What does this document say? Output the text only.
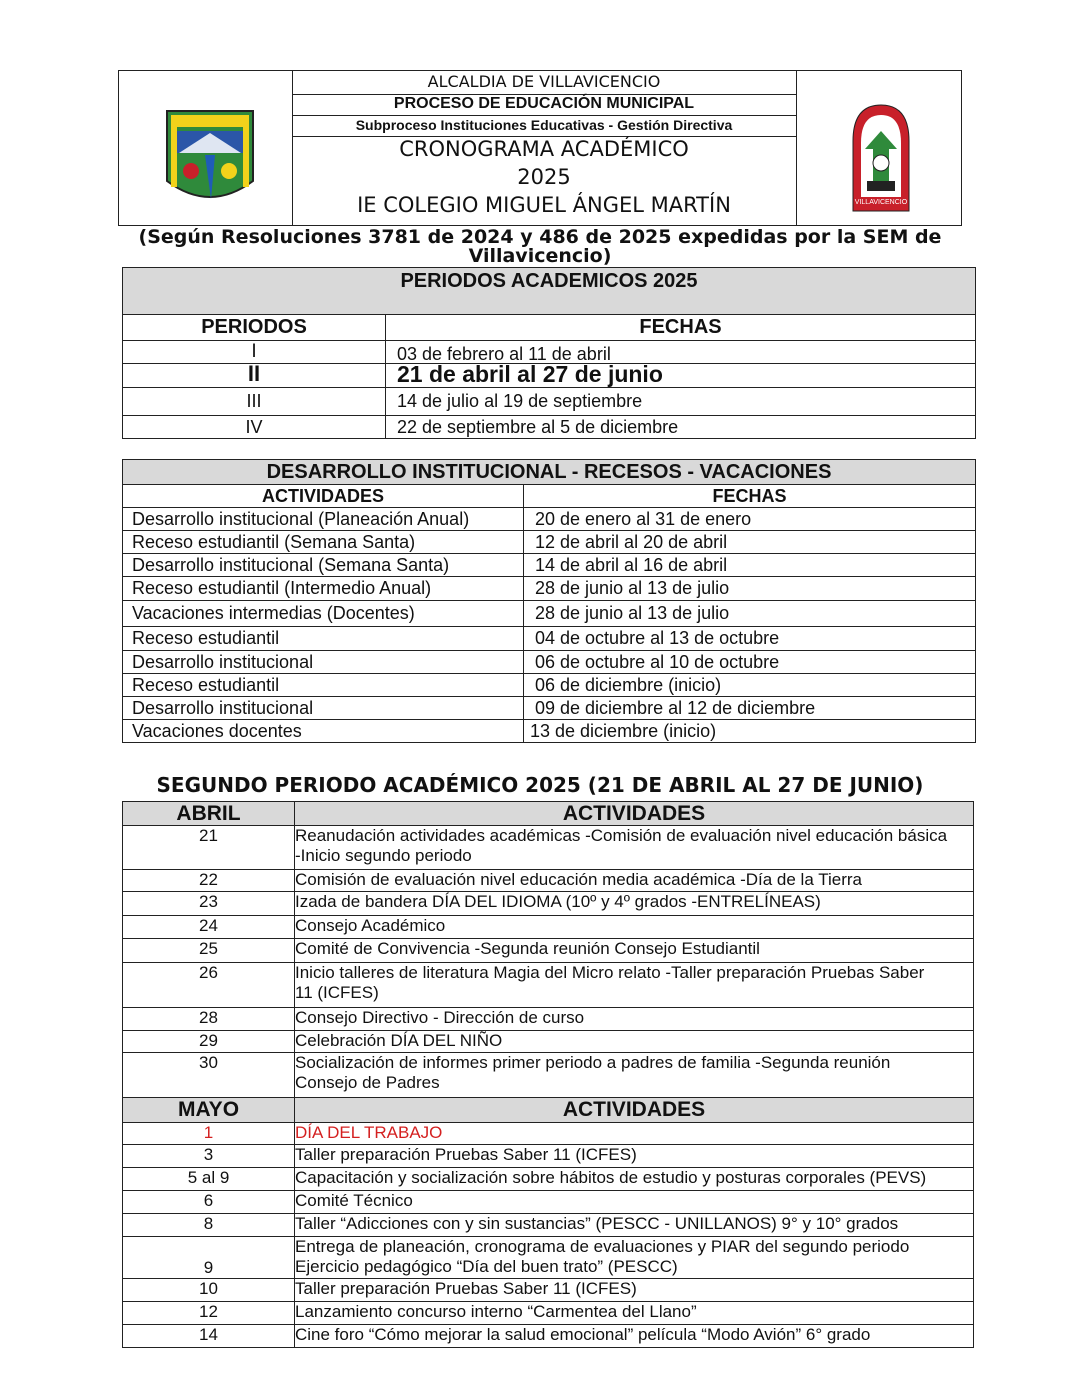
ALCALDIA DE VILLAVICENCIO
PROCESO DE EDUCACIÓN MUNICIPAL
Subproceso Instituciones Educativas - Gestión Directiva
CRONOGRAMA ACADÉMICO
2025
IE COLEGIO MIGUEL ÁNGEL MARTÍN	VILLAVICENCIO
(Según Resoluciones 3781 de 2024 y 486 de 2025 expedidas por la SEM de
Villavicencio)
PERIODOS ACADEMICOS 2025	
PERIODOS	FECHAS
I	03 de febrero al 11 de abril
II	21 de abril al 27 de junio
III	14 de julio al 19 de septiembre
IV	22 de septiembre al 5 de diciembre
DESARROLLO INSTITUCIONAL - RECESOS - VACACIONES	
ACTIVIDADES	FECHAS
Desarrollo institucional (Planeación Anual)	20 de enero al 31 de enero
Receso estudiantil (Semana Santa)	12 de abril al 20 de abril
Desarrollo institucional (Semana Santa)	14 de abril al 16 de abril
Receso estudiantil (Intermedio Anual)	28 de junio al 13 de julio
Vacaciones intermedias (Docentes)	28 de junio al 13 de julio
Receso estudiantil	04 de octubre al 13 de octubre
Desarrollo institucional	06 de octubre al 10 de octubre
Receso estudiantil	06 de diciembre (inicio)
Desarrollo institucional	09 de diciembre al 12 de diciembre
Vacaciones docentes	13 de diciembre (inicio)
SEGUNDO PERIODO ACADÉMICO 2025 (21 DE ABRIL AL 27 DE JUNIO)
ABRIL	ACTIVIDADES
21	Reanudación actividades académicas -Comisión de evaluación nivel educación básica
-Inicio segundo periodo

22	Comisión de evaluación nivel educación media académica -Día de la Tierra
23	Izada de bandera DÍA DEL IDIOMA (10º y 4º grados -ENTRELÍNEAS)
24	Consejo Académico
25	Comité de Convivencia -Segunda reunión Consejo Estudiantil
26	Inicio talleres de literatura Magia del Micro relato -Taller preparación Pruebas Saber
11 (ICFES)

28	Consejo Directivo - Dirección de curso
29	Celebración DÍA DEL NIÑO
30	Socialización de informes primer periodo a padres de familia -Segunda reunión
Consejo de Padres

MAYO	ACTIVIDADES
1	DÍA DEL TRABAJO
3	Taller preparación Pruebas Saber 11 (ICFES)
5 al 9	Capacitación y socialización sobre hábitos de estudio y posturas corporales (PEVS)
6	Comité Técnico
8	Taller “Adicciones con y sin sustancias” (PESCC - UNILLANOS) 9° y 10° grados
9	Entrega de planeación, cronograma de evaluaciones y PIAR del segundo periodo
Ejercicio pedagógico “Día del buen trato” (PESCC)

10	Taller preparación Pruebas Saber 11 (ICFES)
12	Lanzamiento concurso interno “Carmentea del Llano”
14	Cine foro “Cómo mejorar la salud emocional” película “Modo Avión” 6° grado
